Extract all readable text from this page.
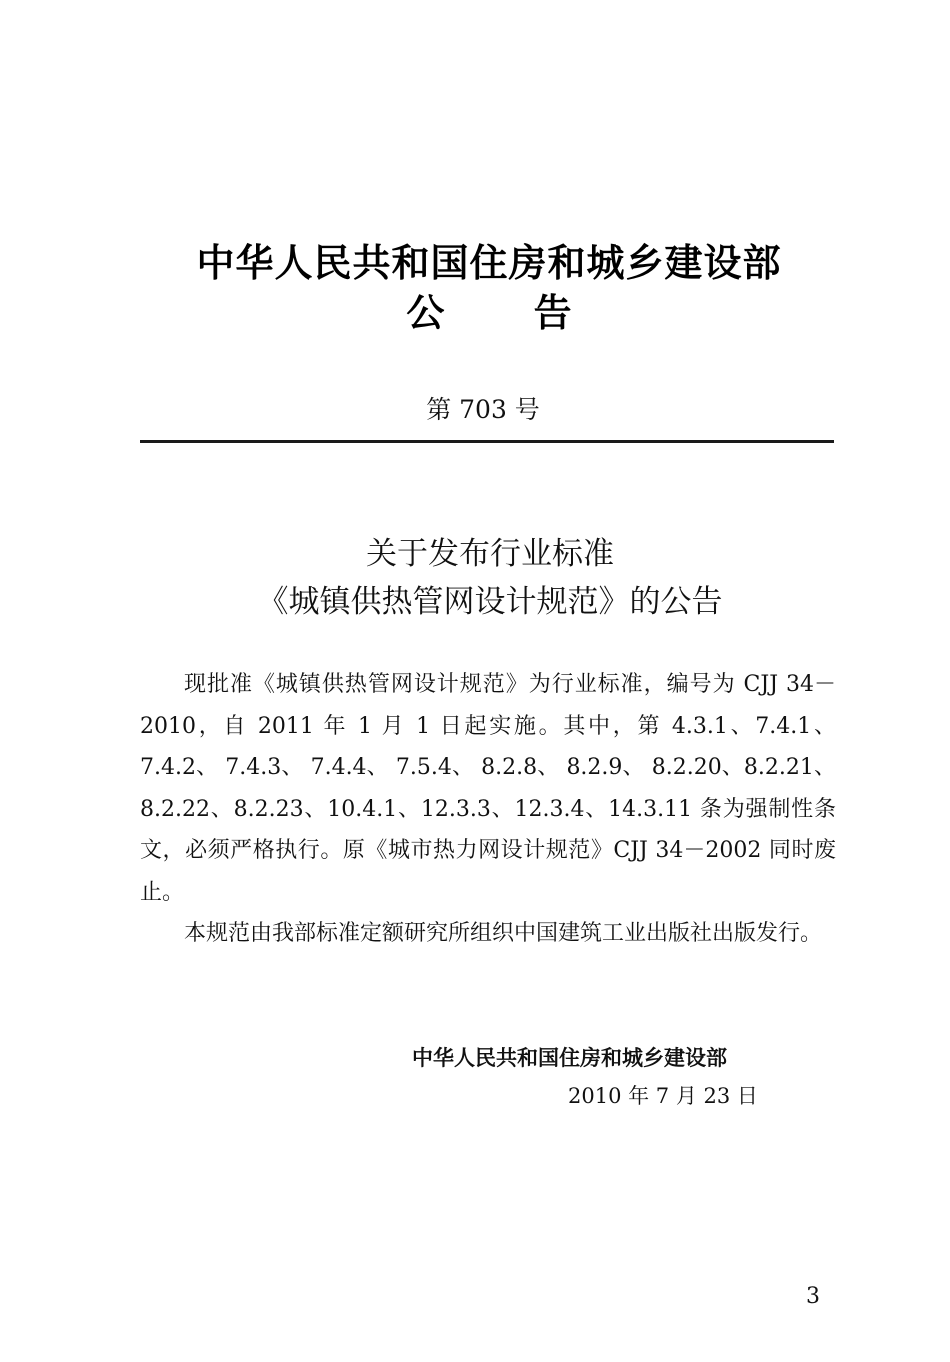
中华人民共和国住房和城乡建设部
公 告
第 703 号
关于发布行业标准
《城镇供热管网设计规范》的公告

现批准《城镇供热管网设计规范》为行业标准，编号为 CJJ 34－2010，自 2011 年 1 月 1 日起实施。其中，第 4.3.1、7.4.1、7.4.2、 7.4.3、 7.4.4、 7.5.4、 8.2.8、 8.2.9、 8.2.20、8.2.21、8.2.22、8.2.23、10.4.1、12.3.3、12.3.4、14.3.11 条为强制性条文，必须严格执行。原《城市热力网设计规范》CJJ 34－2002 同时废止。

本规范由我部标准定额研究所组织中国建筑工业出版社出版发行。

中华人民共和国住房和城乡建设部
2010 年 7 月 23 日
3
